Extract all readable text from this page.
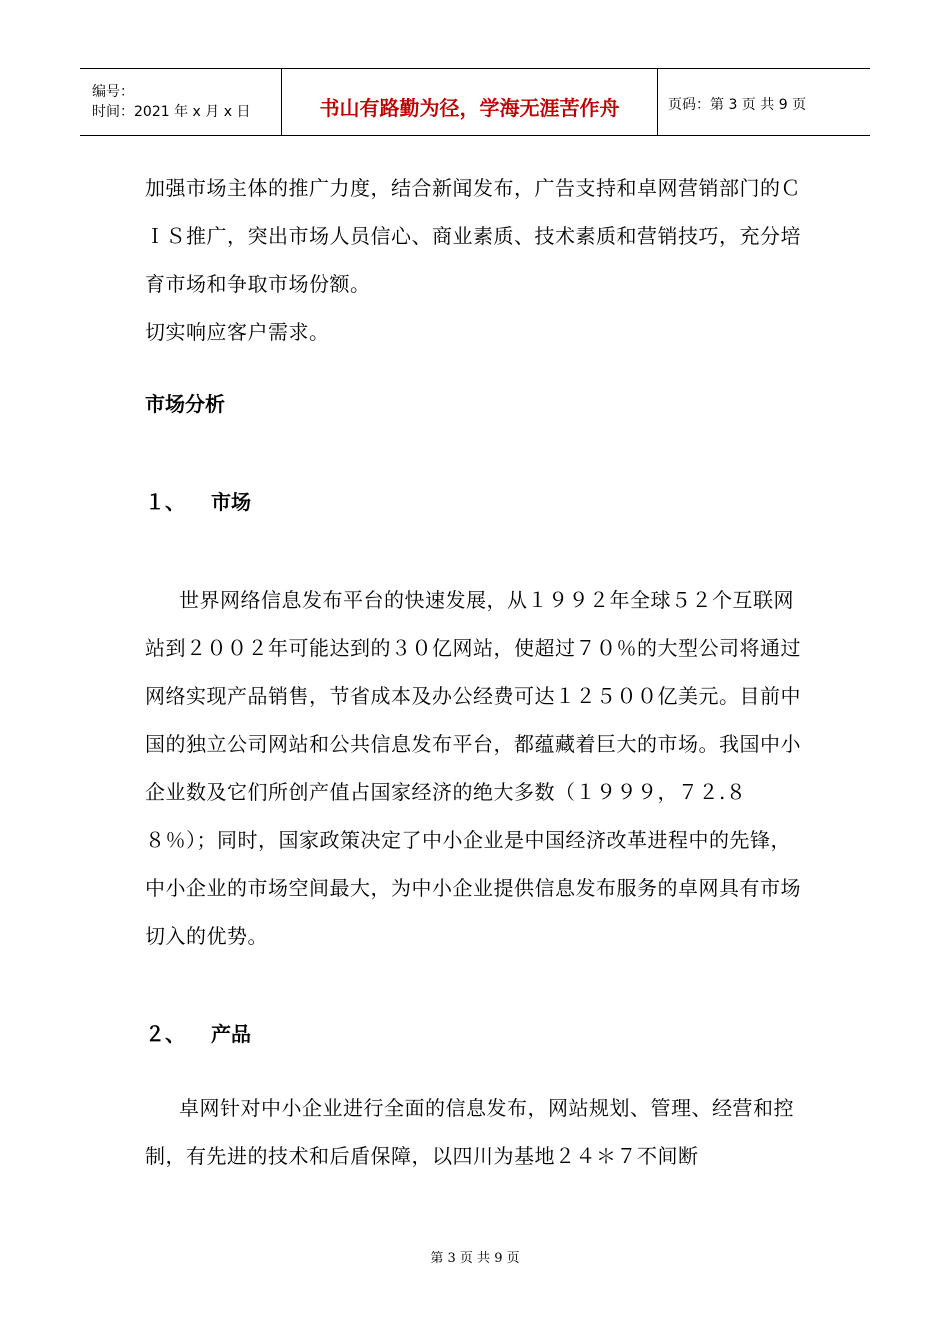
编号：
时间：2021 年 x 月 x 日	书山有路勤为径，学海无涯苦作舟	页码：第 3 页 共 9 页

加强市场主体的推广力度，结合新闻发布，广告支持和卓网营销部门的ＣＩＳ推广，突出市场人员信心、商业素质、技术素质和营销技巧，充分培育市场和争取市场份额。

切实响应客户需求。

市场分析

１、 市场

世界网络信息发布平台的快速发展，从１９９２年全球５２个互联网站到２００２年可能达到的３０亿网站，使超过７０％的大型公司将通过网络实现产品销售，节省成本及办公经费可达１２５００亿美元。目前中国的独立公司网站和公共信息发布平台，都蕴藏着巨大的市场。我国中小企业数及它们所创产值占国家经济的绝大多数（１９９９，７２.８８％）；同时，国家政策决定了中小企业是中国经济改革进程中的先锋，中小企业的市场空间最大，为中小企业提供信息发布服务的卓网具有市场切入的优势。

２、 产品

卓网针对中小企业进行全面的信息发布，网站规划、管理、经营和控制，有先进的技术和后盾保障，以四川为基地２４＊７不间断

第 3 页 共 9 页
